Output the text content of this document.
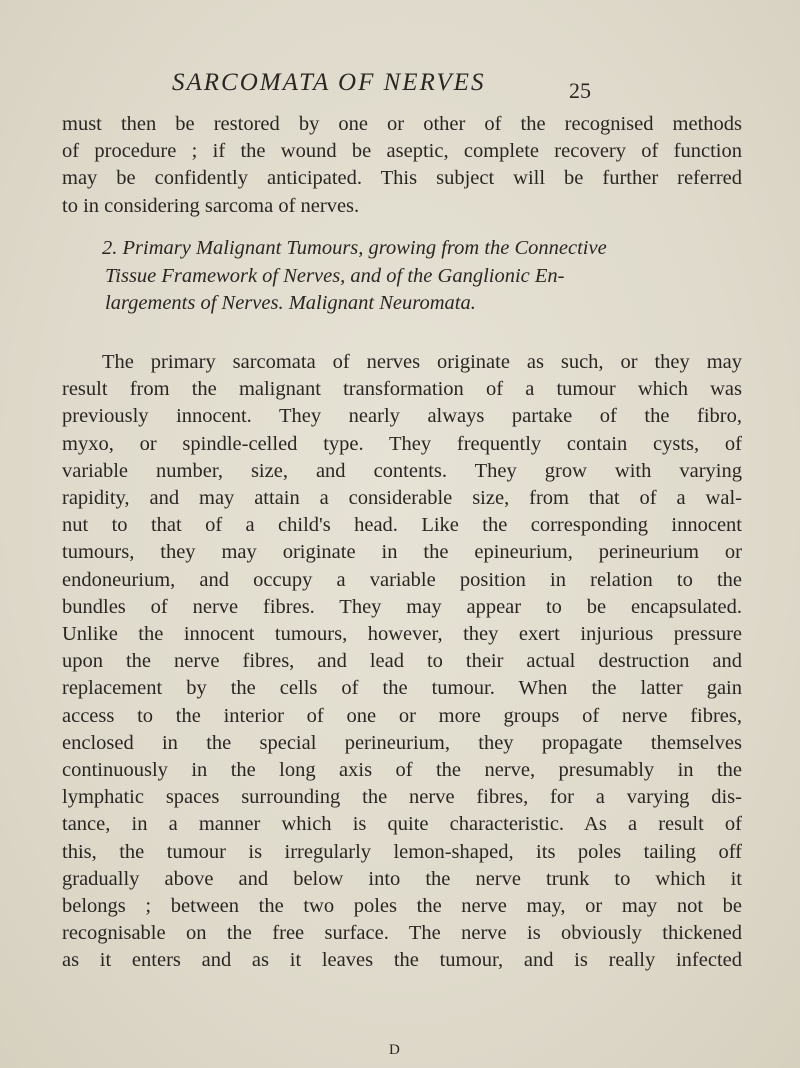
SARCOMATA OF NERVES	25
must then be restored by one or other of the recognised methods
of procedure ; if the wound be aseptic, complete recovery of function
may be confidently anticipated. This subject will be further referred
to in considering sarcoma of nerves.
2. Primary Malignant Tumours, growing from the Connective
Tissue Framework of Nerves, and of the Ganglionic En-
largements of Nerves. Malignant Neuromata.
The primary sarcomata of nerves originate as such, or they may
result from the malignant transformation of a tumour which was
previously innocent. They nearly always partake of the fibro,
myxo, or spindle-celled type. They frequently contain cysts, of
variable number, size, and contents. They grow with varying
rapidity, and may attain a considerable size, from that of a wal-
nut to that of a child's head. Like the corresponding innocent
tumours, they may originate in the epineurium, perineurium or
endoneurium, and occupy a variable position in relation to the
bundles of nerve fibres. They may appear to be encapsulated.
Unlike the innocent tumours, however, they exert injurious pressure
upon the nerve fibres, and lead to their actual destruction and
replacement by the cells of the tumour. When the latter gain
access to the interior of one or more groups of nerve fibres,
enclosed in the special perineurium, they propagate themselves
continuously in the long axis of the nerve, presumably in the
lymphatic spaces surrounding the nerve fibres, for a varying dis-
tance, in a manner which is quite characteristic. As a result of
this, the tumour is irregularly lemon-shaped, its poles tailing off
gradually above and below into the nerve trunk to which it
belongs ; between the two poles the nerve may, or may not be
recognisable on the free surface. The nerve is obviously thickened
as it enters and as it leaves the tumour, and is really infected
D
